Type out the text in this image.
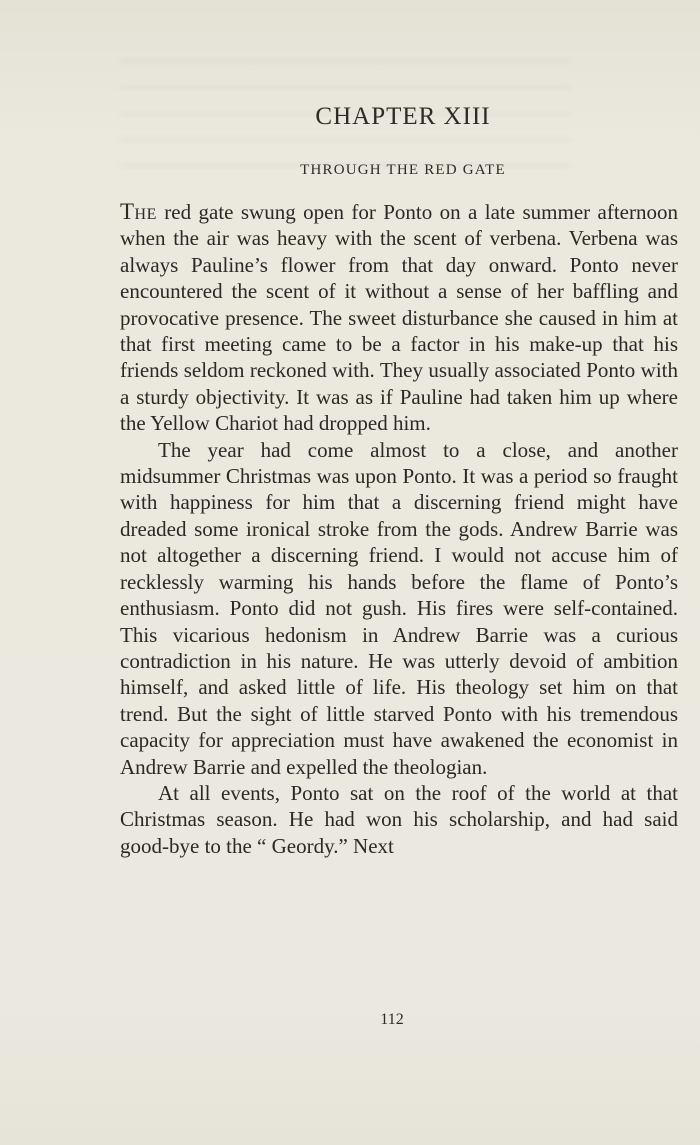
CHAPTER XIII
THROUGH THE RED GATE

The red gate swung open for Ponto on a late summer afternoon when the air was heavy with the scent of verbena. Verbena was always Pauline’s flower from that day onward. Ponto never encountered the scent of it without a sense of her baffling and provocative presence. The sweet disturbance she caused in him at that first meeting came to be a factor in his make-up that his friends seldom reckoned with. They usually associated Ponto with a sturdy objectivity. It was as if Pauline had taken him up where the Yellow Chariot had dropped him.

The year had come almost to a close, and another midsummer Christmas was upon Ponto. It was a period so fraught with happiness for him that a discerning friend might have dreaded some ironical stroke from the gods. Andrew Barrie was not altogether a discerning friend. I would not accuse him of recklessly warming his hands before the flame of Ponto’s enthusiasm. Ponto did not gush. His fires were self-contained. This vicarious hedonism in Andrew Barrie was a curious contradiction in his nature. He was utterly devoid of ambition himself, and asked little of life. His theology set him on that trend. But the sight of little starved Ponto with his tremendous capacity for appreciation must have awakened the economist in Andrew Barrie and expelled the theologian.

At all events, Ponto sat on the roof of the world at that Christmas season. He had won his scholarship, and had said good-bye to the “ Geordy.” Next

112
